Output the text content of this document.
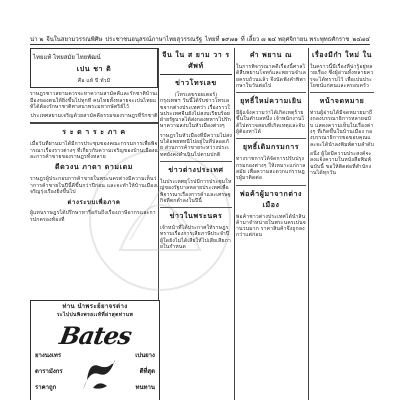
น่า ๒ จีนในสยามวรรณพิศิษ ประชาชนอนุสรณ์ภาษาไทยสุวรรณรัฐ ไทยที่ ๑๙๗๑ ที่ เลี้ยว ๗ ๒๔ พฤศจิกายน พระพุทธศักราช ๒๔๗๔
ไทยแท้ ไทยสมัย ไทยพัฒน์
เปน ชา ติ
คือ แท้ ปี ทั่วมี
ราษฎรชาวสยามควรจะหาความสามัคคีและรักชาติบ้านเมืองของตนให้ยิ่งขึ้นไปทุกที คนไทยทั้งหลายจะเปนไทยแท้ได้ต้องรักษาชาติศาสนาพระมหากษัตริย์ไว้
ประเทศสยามเจริญด้วยสามัคคีธรรมของราษฎรที่รักชาติ
ร ะ ด า ร ะ ภา ค
เมื่อวันที่ผ่านมาได้มีการประชุมของคณะกรรมการเพื่อพิจารณาเรื่องราวต่างๆ ที่เกี่ยวกับความเจริญของบ้านเมืองและการค้าขายของราษฎรทั้งหลาย
ดีดวงน ภาดา ดามเดม
ราษฎรผู้ประกอบการค้าขายในพระนครต่างมีความเห็นว่าการค้าขายในปีนี้ดีขึ้นกว่าปีก่อน และจะทำให้บ้านเมืองเจริญรุ่งเรืองยิ่งขึ้นไป
ต่างระบบเพื่อภาค
ผู้แทนราษฎรได้ปรึกษาหารือกันถึงเรื่องภาษีอากรและการปกครองท้องที่
ท่าน นำพระย์ยาจรต่าง
ระไปปนพิงพรยเเท้ที่ผ่าสุดท่านพ
Bates
ยางนงเทร
ดารามังกร
ราคาถูก
เปนยาง
ดีที่สุด
ทนทาน
จีน ใน ส ยาม วา ร ศัพท์
ข่าวโทรเลข
(โทรเลขรอยเตอร์)
กรุงเทพฯ วันนี้ได้รับข่าวโทรเลขจากต่างประเทศว่า เรื่องราวในประเทศจีนยังไม่สงบเรียบร้อย ฝ่ายรัฐบาลได้ส่งกองทหารไปรักษาความสงบในหัวเมืองต่างๆ
ราษฎรในหัวเมืองที่มีความไม่สงบได้อพยพหนีไปอยู่ในที่ปลอดภัย ส่วนการค้าขายระหว่างประเทศยังคงดำเนินไปตามปกติ
ข่าวต่างประเทศ
ในประเทศยุโรปมีการประชุมใหญ่ของรัฐบาลหลายประเทศเพื่อพิจารณาเรื่องการค้าและเศรษฐกิจที่ตกต่ำลงในปีนี้
ข่าวในพระนคร
เจ้าหน้าที่ได้ประกาศให้ราษฎรทราบเรื่องการเสียภาษีประจำปี ผู้ใดยังไม่ได้เสียให้ไปเสียเสียภายในกำหนด
คำ พยาน ณ
ในการพิจารณาคดีเรื่องนี้ศาลได้สืบพยานโจทก์และพยานจำเลยครบถ้วนแล้ว จึงนัดฟังคำพิพากษาในวันต่อไป
ยุทธิ์ใหม่ความเยิน
มีผู้แจ้งความว่าได้เกิดเหตุร้ายขึ้นในตำบลหนึ่ง เจ้าพนักงานได้ไปตรวจสอบที่เกิดเหตุและจับผู้ต้องหาได้
ยุทธิ์เดิมกรมการ
ทางราชการได้จัดการปรับปรุงกรมกองต่างๆ ให้เหมาะแก่กาลสมัย เพื่อความสะดวกแก่ราษฎรผู้มาติดต่อ
พ่อค้าผู้มาจากต่างเมือง
พ่อค้าชาวต่างประเทศได้นำสินค้ามาจำหน่ายในพระนครเปนจำนวนมาก ราคาสินค้าจึงถูกลงกว่าแต่ก่อน
เรื่องมีกำ ใหม่ ใน
ในคราวนี้มีเรื่องที่น่ารู้อยู่หลายเรื่อง ซึ่งผู้อ่านทั้งหลายควรจะได้ทราบไว้ เพื่อเปนประโยชน์แก่ตนและครอบครัว
หน้าจดหมาย
ท่านผู้อ่านได้มีจดหมายมาถึงกองบรรณาธิการหลายฉบับ แสดงความเห็นในเรื่องต่างๆ ที่เกิดขึ้นในบ้านเมือง กองบรรณาธิการขอขอบคุณและจะได้นำลงพิมพ์ตามลำดับ
อนึ่ง ผู้ใดมีความประสงค์จะลงแจ้งความในหนังสือพิมพ์ฉบับนี้ ขอให้ติดต่อที่สำนักงานได้ทุกวัน
